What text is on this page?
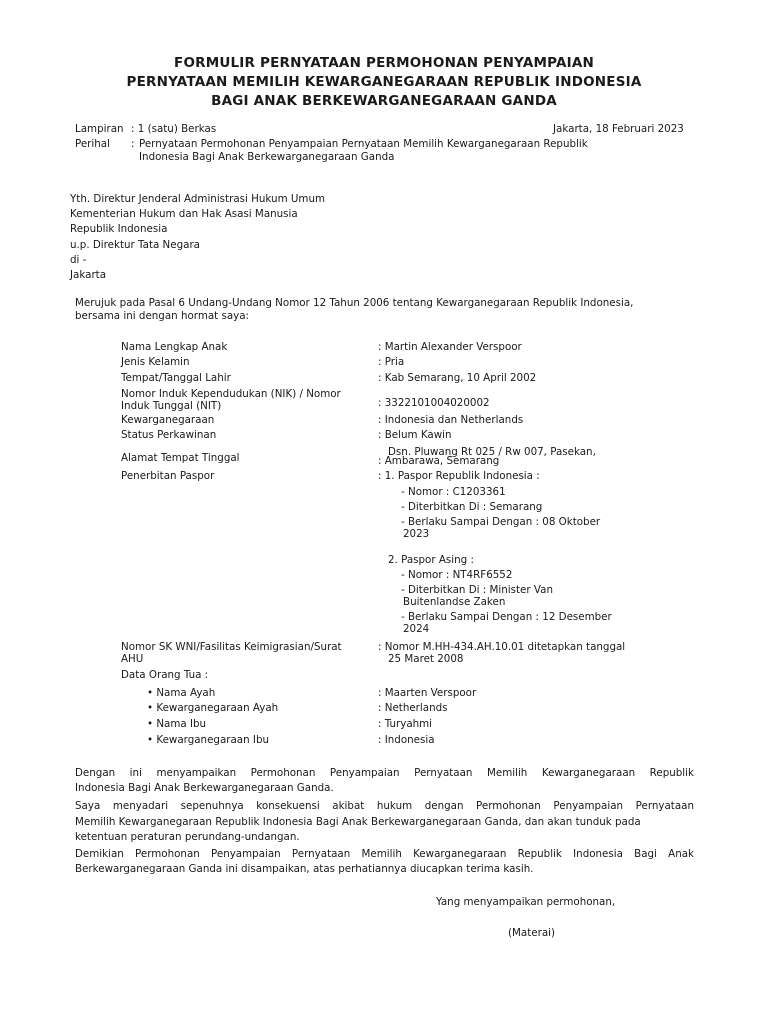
FORMULIR PERNYATAAN PERMOHONAN PENYAMPAIAN
PERNYATAAN MEMILIH KEWARGANEGARAAN REPUBLIK INDONESIA
BAGI ANAK BERKEWARGANEGARAAN GANDA
Lampiran : 1 (satu) Berkas	Jakarta, 18 Februari 2023
Perihal : Pernyataan Permohonan Penyampaian Pernyataan Memilih Kewarganegaraan Republik
Indonesia Bagi Anak Berkewarganegaraan Ganda
Yth. Direktur Jenderal Administrasi Hukum Umum
Kementerian Hukum dan Hak Asasi Manusia
Republik Indonesia
u.p. Direktur Tata Negara
di -
Jakarta
Merujuk pada Pasal 6 Undang-Undang Nomor 12 Tahun 2006 tentang Kewarganegaraan Republik Indonesia,
bersama ini dengan hormat saya:
Nama Lengkap Anak	: Martin Alexander Verspoor
Jenis Kelamin	: Pria
Tempat/Tanggal Lahir	: Kab Semarang, 10 April 2002
Nomor Induk Kependudukan (NIK) / Nomor
Induk Tunggal (NIT)	: 3322101004020002
Kewarganegaraan	: Indonesia dan Netherlands
Status Perkawinan	: Belum Kawin
Alamat Tempat Tinggal	Dsn. Pluwang Rt 025 / Rw 007, Pasekan,
: Ambarawa, Semarang
Penerbitan Paspor	: 1. Paspor Republik Indonesia :
- Nomor : C1203361
- Diterbitkan Di : Semarang
- Berlaku Sampai Dengan : 08 Oktober
2023
2. Paspor Asing :
- Nomor : NT4RF6552
- Diterbitkan Di : Minister Van
Buitenlandse Zaken
- Berlaku Sampai Dengan : 12 Desember
2024
Nomor SK WNI/Fasilitas Keimigrasian/Surat
AHU
: Nomor M.HH-434.AH.10.01 ditetapkan tanggal
25 Maret 2008
Data Orang Tua :
• Nama Ayah	: Maarten Verspoor
• Kewarganegaraan Ayah	: Netherlands
• Nama Ibu	: Turyahmi
• Kewarganegaraan Ibu	: Indonesia
Dengan ini menyampaikan Permohonan Penyampaian Pernyataan Memilih Kewarganegaraan Republik
Indonesia Bagi Anak Berkewarganegaraan Ganda.
Saya menyadari sepenuhnya konsekuensi akibat hukum dengan Permohonan Penyampaian Pernyataan
Memilih Kewarganegaraan Republik Indonesia Bagi Anak Berkewarganegaraan Ganda, dan akan tunduk pada
ketentuan peraturan perundang-undangan.
Demikian Permohonan Penyampaian Pernyataan Memilih Kewarganegaraan Republik Indonesia Bagi Anak
Berkewarganegaraan Ganda ini disampaikan, atas perhatiannya diucapkan terima kasih.
Yang menyampaikan permohonan,
(Materai)
